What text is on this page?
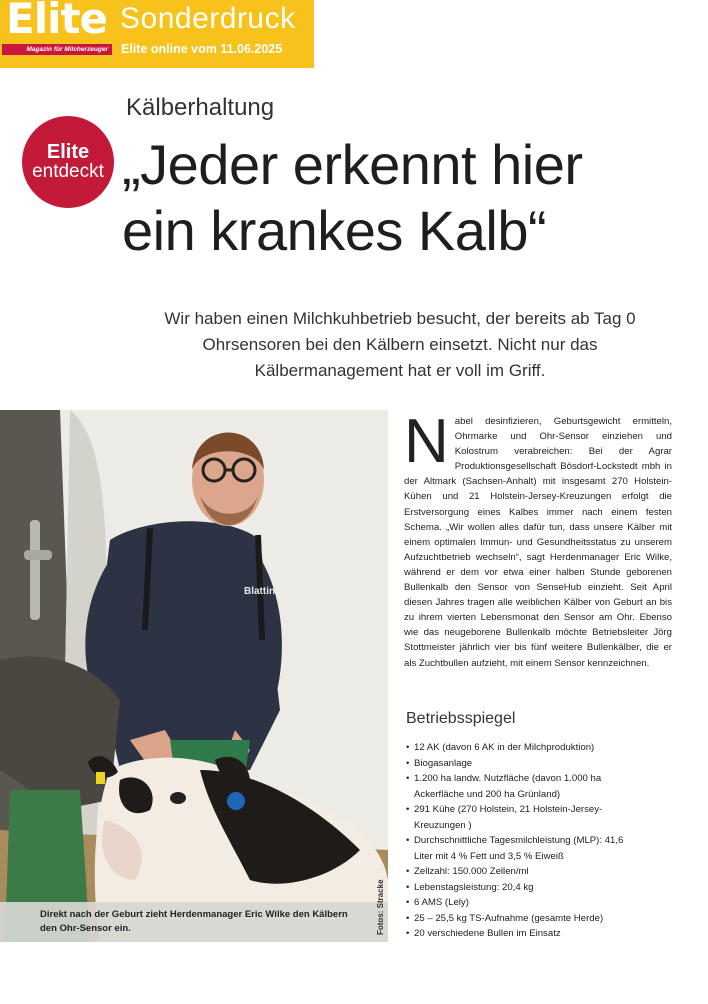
Elite
Magazin für Milcherzeuger
Sonderdruck
Elite online vom 11.06.2025
Kälberhaltung
Elite
entdeckt „Jeder erkennt hier
ein krankes Kalb“
Wir haben einen Milchkuhbetrieb besucht, der bereits ab Tag 0 Ohrsensoren bei den Kälbern einsetzt. Nicht nur das Kälbermanagement hat er voll im Griff.
Blattin
Direkt nach der Geburt zieht Herdenmanager Eric Wilke den Kälbern den Ohr-Sensor ein.	Fotos: Stracke
N abel desinfizieren, Geburtsgewicht ermitteln, Ohrmarke und Ohr-Sensor einziehen und Kolostrum verabreichen: Bei der Agrar Produktionsgesellschaft Bösdorf-Lockstedt mbh in der Altmark (Sachsen-Anhalt) mit insgesamt 270 Holstein-Kühen und 21 Holstein-Jersey-Kreuzungen erfolgt die Erstversorgung eines Kalbes immer nach einem festen Schema. „Wir wollen alles dafür tun, dass unsere Kälber mit einem optimalen Immun- und Gesundheitsstatus zu unserem Aufzuchtbetrieb wechseln“, sagt Herdenmanager Eric Wilke, während er dem vor etwa einer halben Stunde geborenen Bullenkalb den Sensor von SenseHub einzieht. Seit April diesen Jahres tragen alle weiblichen Kälber von Geburt an bis zu ihrem vierten Lebensmonat den Sensor am Ohr. Ebenso wie das neugeborene Bullenkalb möchte Betriebsleiter Jörg Stottmeister jährlich vier bis fünf weitere Bullenkälber, die er als Zuchtbullen aufzieht, mit einem Sensor kennzeichnen.
Betriebsspiegel
• 12 AK (davon 6 AK in der Milchproduktion)
• Biogasanlage
• 1.200 ha landw. Nutzfläche (davon 1.000 ha Ackerfläche und 200 ha Grünland)
• 291 Kühe (270 Holstein, 21 Holstein-Jersey-Kreuzungen )
• Durchschnittliche Tagesmilchleistung (MLP): 41,6 Liter mit 4 % Fett und 3,5 % Eiweiß
• Zellzahl: 150.000 Zellen/ml
• Lebenstagsleistung: 20,4 kg
• 6 AMS (Lely)
• 25 – 25,5 kg TS-Aufnahme (gesamte Herde)
• 20 verschiedene Bullen im Einsatz
